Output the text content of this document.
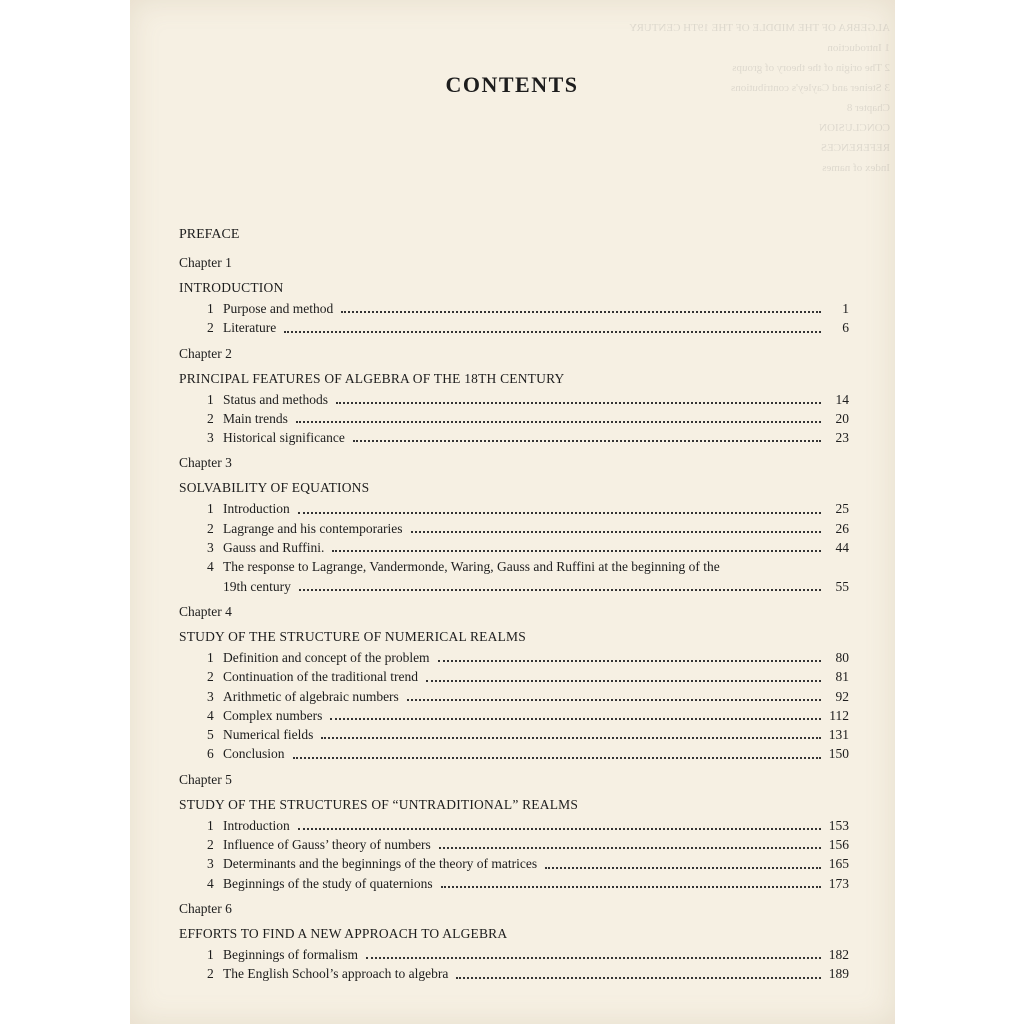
ALGEBRA OF THE MIDDLE OF THE 19TH CENTURY
1 Introduction
2 The origin of the theory of groups
3 Steiner and Cayley's contributions
Chapter 8
CONCLUSION
REFERENCES
Index of names
CONTENTS
PREFACE
Chapter 1
INTRODUCTION
1 Purpose and method	1
2 Literature	6
Chapter 2
PRINCIPAL FEATURES OF ALGEBRA OF THE 18TH CENTURY
1 Status and methods	14
2 Main trends	20
3 Historical significance	23
Chapter 3
SOLVABILITY OF EQUATIONS
1 Introduction	25
2 Lagrange and his contemporaries	26
3 Gauss and Ruffini.	44
4 The response to Lagrange, Vandermonde, Waring, Gauss and Ruffini at the beginning of the
19th century	55
Chapter 4
STUDY OF THE STRUCTURE OF NUMERICAL REALMS
1 Definition and concept of the problem	80
2 Continuation of the traditional trend	81
3 Arithmetic of algebraic numbers	92
4 Complex numbers	112
5 Numerical fields	131
6 Conclusion	150
Chapter 5
STUDY OF THE STRUCTURES OF “UNTRADITIONAL” REALMS
1 Introduction	153
2 Influence of Gauss’ theory of numbers	156
3 Determinants and the beginnings of the theory of matrices	165
4 Beginnings of the study of quaternions	173
Chapter 6
EFFORTS TO FIND A NEW APPROACH TO ALGEBRA
1 Beginnings of formalism	182
2 The English School’s approach to algebra	189
